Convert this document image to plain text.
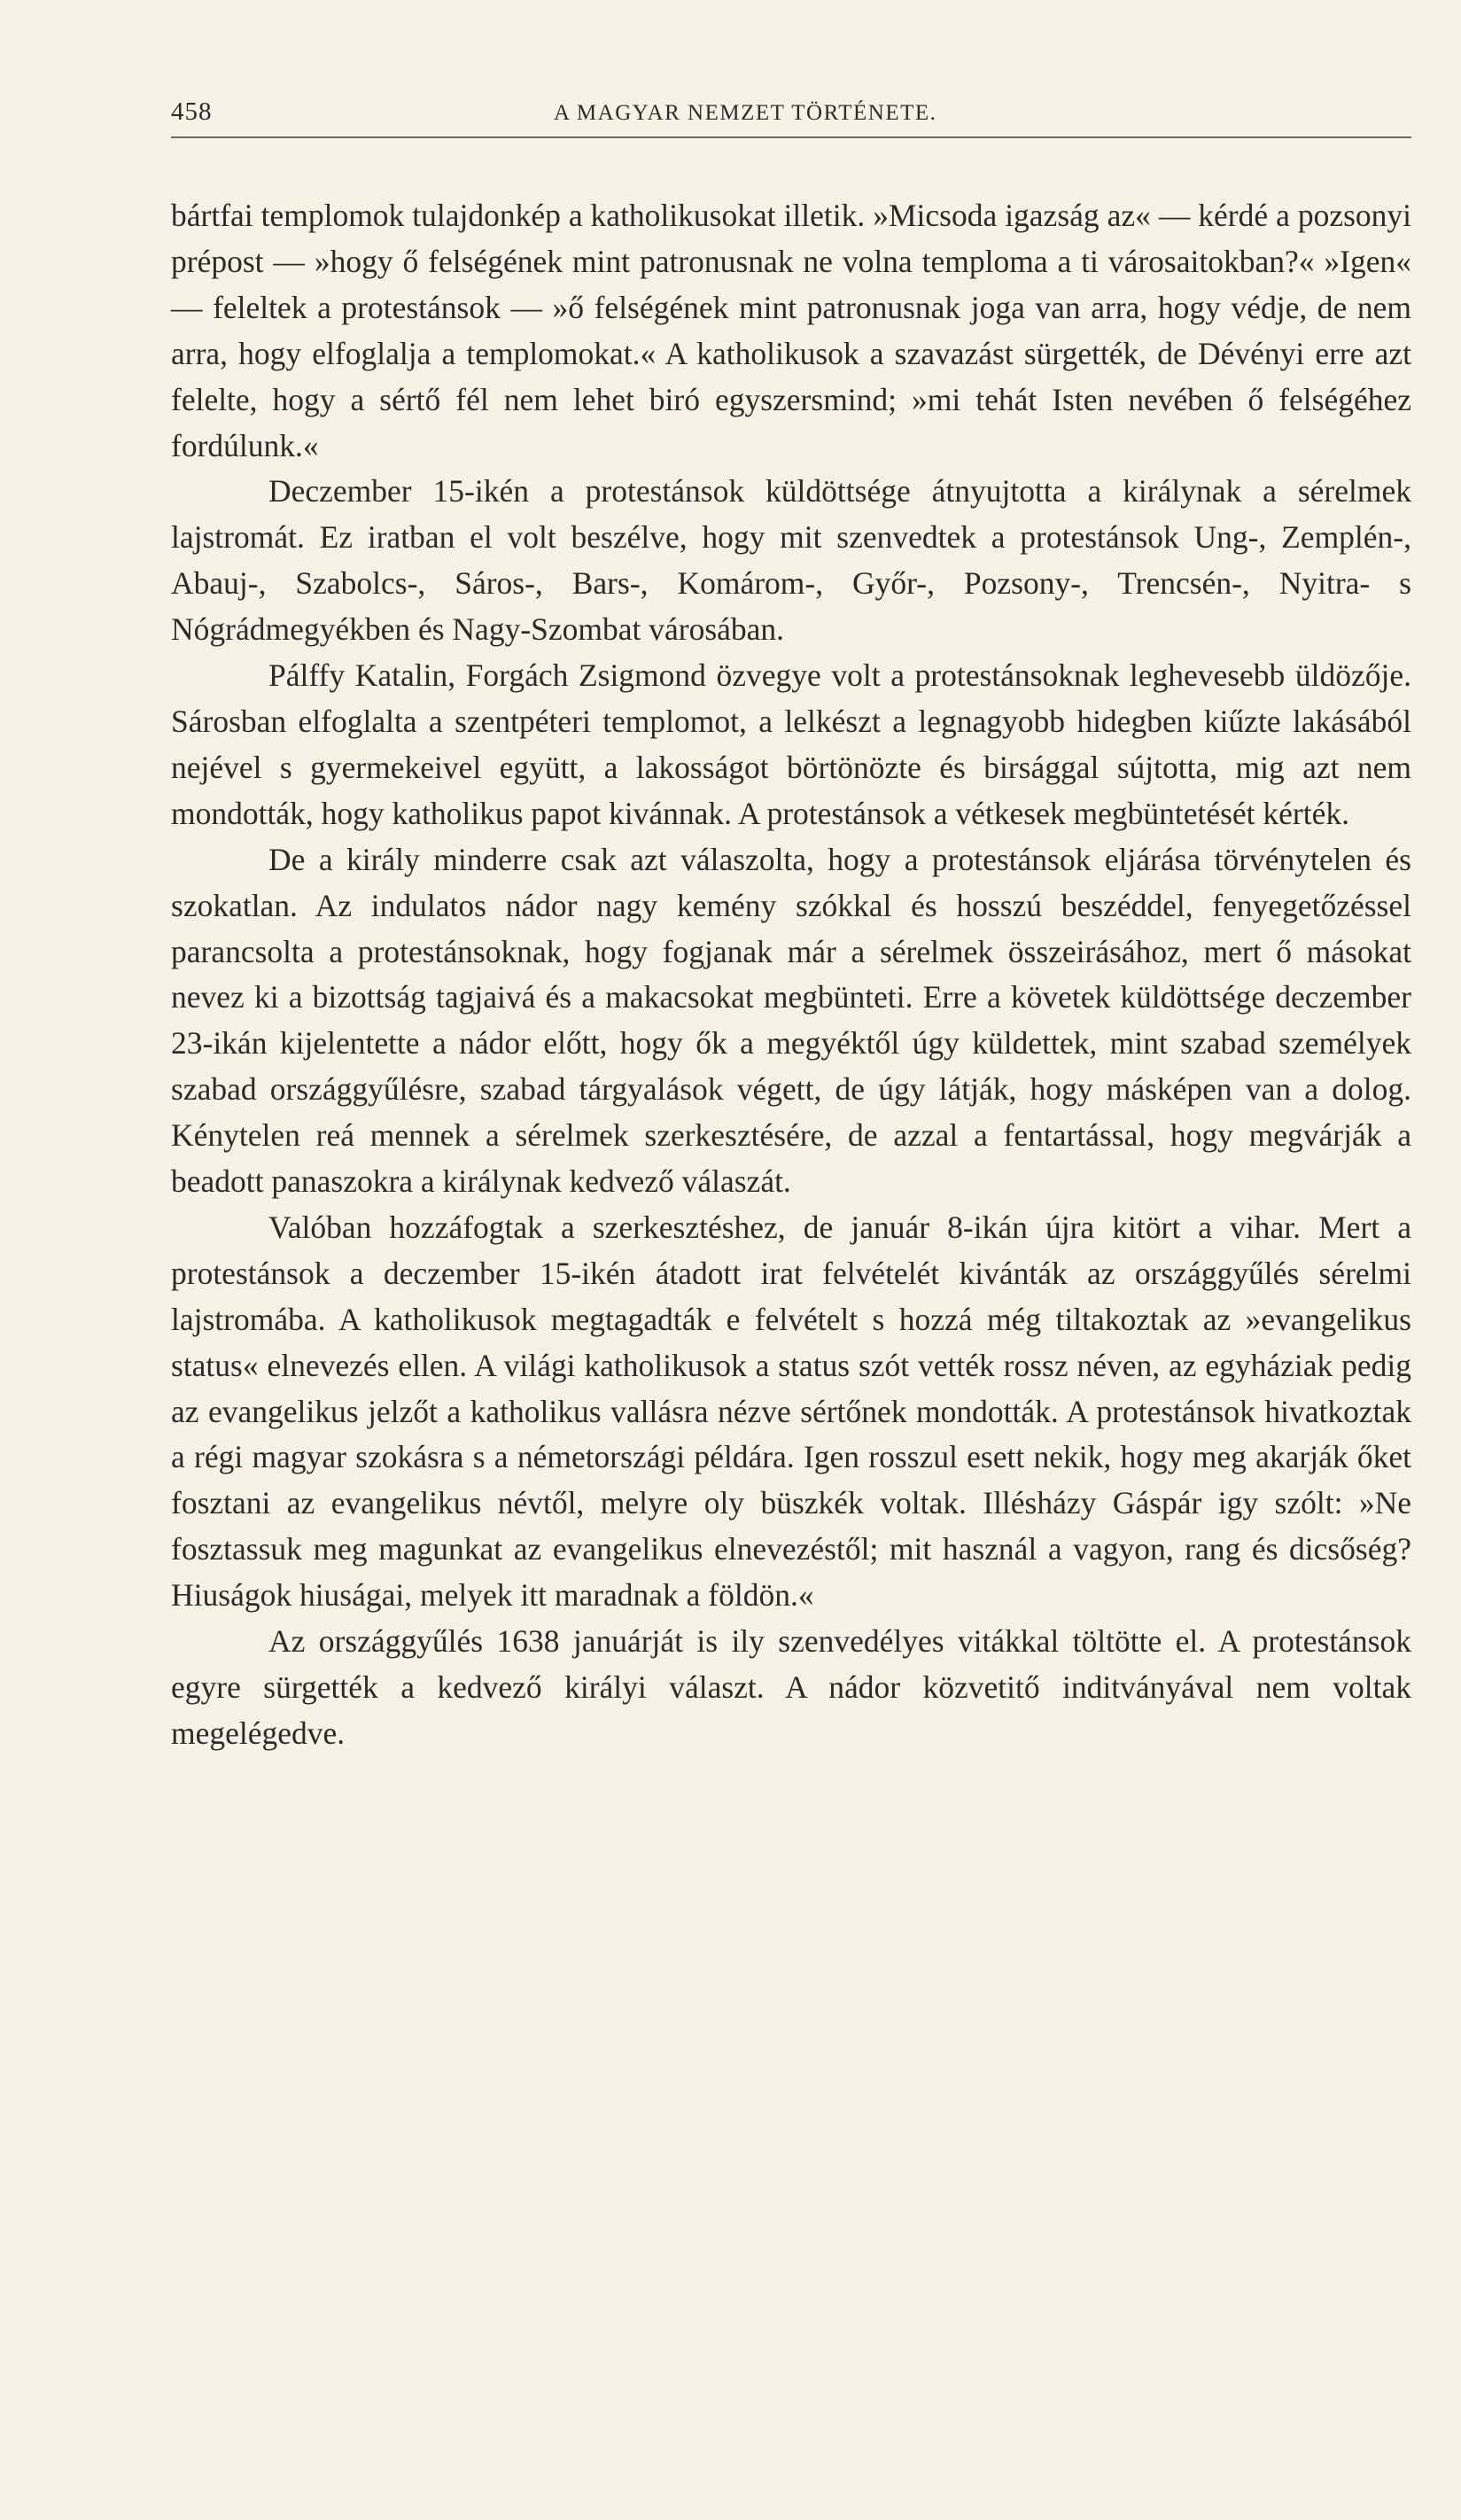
458	A MAGYAR NEMZET TÖRTÉNETE.

bártfai templomok tulajdonkép a katholikusokat illetik. »Micsoda igazság az« — kérdé a pozsonyi prépost — »hogy ő felségének mint patronusnak ne volna temploma a ti városaitokban?« »Igen« — feleltek a protestánsok — »ő felségének mint patronusnak joga van arra, hogy védje, de nem arra, hogy elfoglalja a templomokat.« A katholikusok a szavazást sürgették, de Dévényi erre azt felelte, hogy a sértő fél nem lehet biró egyszersmind; »mi tehát Isten nevében ő felségéhez fordúlunk.«

Deczember 15-ikén a protestánsok küldöttsége átnyujtotta a királynak a sérelmek lajstromát. Ez iratban el volt beszélve, hogy mit szenvedtek a protestánsok Ung-, Zemplén-, Abauj-, Szabolcs-, Sáros-, Bars-, Komárom-, Győr-, Pozsony-, Trencsén-, Nyitra- s Nógrádmegyékben és Nagy-Szombat városában.

Pálffy Katalin, Forgách Zsigmond özvegye volt a protestánsoknak leghevesebb üldözője. Sárosban elfoglalta a szentpéteri templomot, a lelkészt a legnagyobb hidegben kiűzte lakásából nejével s gyermekeivel együtt, a lakosságot börtönözte és birsággal sújtotta, mig azt nem mondották, hogy katholikus papot kivánnak. A protestánsok a vétkesek megbüntetését kérték.

De a király minderre csak azt válaszolta, hogy a protestánsok eljárása törvénytelen és szokatlan. Az indulatos nádor nagy kemény szókkal és hosszú beszéddel, fenyegetőzéssel parancsolta a protestánsoknak, hogy fogjanak már a sérelmek összeirásához, mert ő másokat nevez ki a bizottság tagjaivá és a makacsokat megbünteti. Erre a követek küldöttsége deczember 23-ikán kijelentette a nádor előtt, hogy ők a megyéktől úgy küldettek, mint szabad személyek szabad országgyűlésre, szabad tárgyalások végett, de úgy látják, hogy másképen van a dolog. Kénytelen reá mennek a sérelmek szerkesztésére, de azzal a fentartással, hogy megvárják a beadott panaszokra a királynak kedvező válaszát.

Valóban hozzáfogtak a szerkesztéshez, de január 8-ikán újra kitört a vihar. Mert a protestánsok a deczember 15-ikén átadott irat felvételét kivánták az országgyűlés sérelmi lajstromába. A katholikusok megtagadták e felvételt s hozzá még tiltakoztak az »evangelikus status« elnevezés ellen. A világi katholikusok a status szót vették rossz néven, az egyháziak pedig az evangelikus jelzőt a katholikus vallásra nézve sértőnek mondották. A protestánsok hivatkoztak a régi magyar szokásra s a németországi példára. Igen rosszul esett nekik, hogy meg akarják őket fosztani az evangelikus névtől, melyre oly büszkék voltak. Illésházy Gáspár igy szólt: »Ne fosztassuk meg magunkat az evangelikus elnevezéstől; mit használ a vagyon, rang és dicsőség? Hiuságok hiuságai, melyek itt maradnak a földön.«

Az országgyűlés 1638 januárját is ily szenvedélyes vitákkal töltötte el. A protestánsok egyre sürgették a kedvező királyi választ. A nádor közvetitő inditványával nem voltak megelégedve.
